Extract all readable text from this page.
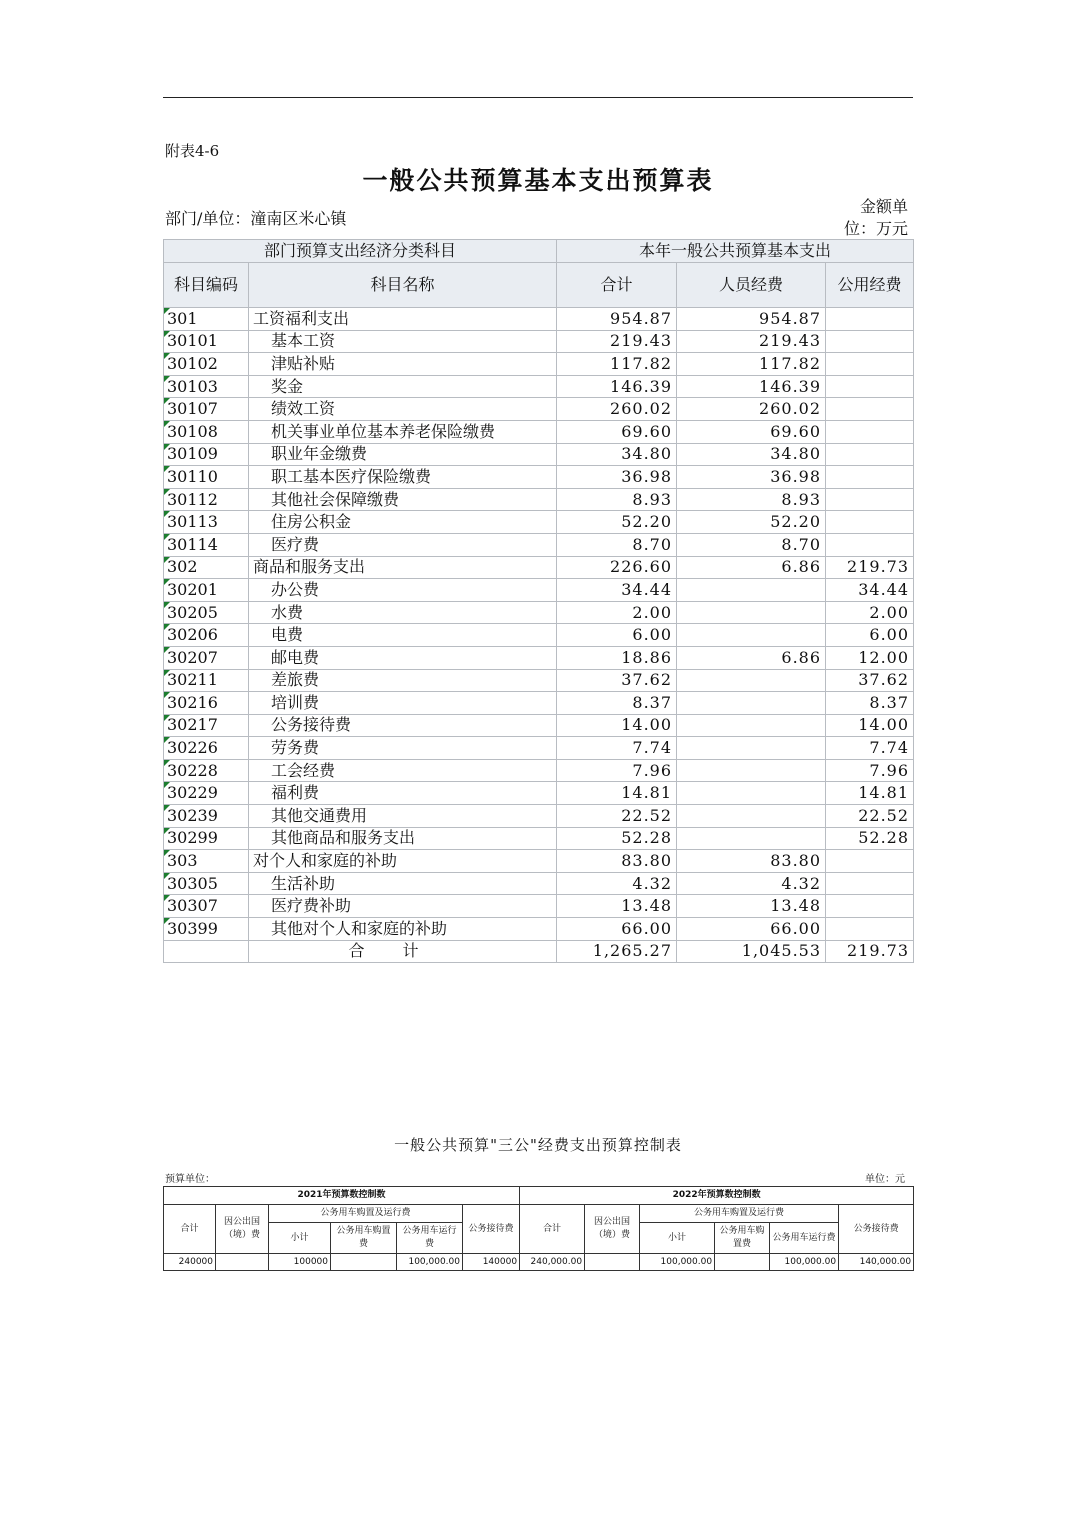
附表4-6
一般公共预算基本支出预算表
部门/单位：潼南区米心镇
金额单位：万元
部门预算支出经济分类科目		本年一般公共预算基本支出		
科目编码	科目名称	合计	人员经费	公用经费

301	工资福利支出	954.87	954.87	

30101	基本工资	219.43	219.43	

30102	津贴补贴	117.82	117.82	

30103	奖金	146.39	146.39	

30107	绩效工资	260.02	260.02	

30108	机关事业单位基本养老保险缴费	69.60	69.60	

30109	职业年金缴费	34.80	34.80	

30110	职工基本医疗保险缴费	36.98	36.98	

30112	其他社会保障缴费	8.93	8.93	

30113	住房公积金	52.20	52.20	

30114	医疗费	8.70	8.70	

302	商品和服务支出	226.60	6.86	219.73

30201	办公费	34.44		34.44

30205	水费	2.00		2.00

30206	电费	6.00		6.00

30207	邮电费	18.86	6.86	12.00

30211	差旅费	37.62		37.62

30216	培训费	8.37		8.37

30217	公务接待费	14.00		14.00

30226	劳务费	7.74		7.74

30228	工会经费	7.96		7.96

30229	福利费	14.81		14.81

30239	其他交通费用	22.52		22.52

30299	其他商品和服务支出	52.28		52.28

303	对个人和家庭的补助	83.80	83.80	

30305	生活补助	4.32	4.32	

30307	医疗费补助	13.48	13.48	

30399	其他对个人和家庭的补助	66.00	66.00	
	合计	1,265.27	1,045.53	219.73
一般公共预算"三公"经费支出预算控制表
预算单位：	单位：元
2021年预算数控制数						2022年预算数控制数					
合计	因公出国（境）费	公务用车购置及运行费			公务接待费	合计	因公出国（境）费	公务用车购置及运行费			公务接待费
		小计	公务用车购置费	公务用车运行费				小计	公务用车购置费	公务用车运行费	
240000		100000		100,000.00	140000	240,000.00		100,000.00		100,000.00	140,000.00
